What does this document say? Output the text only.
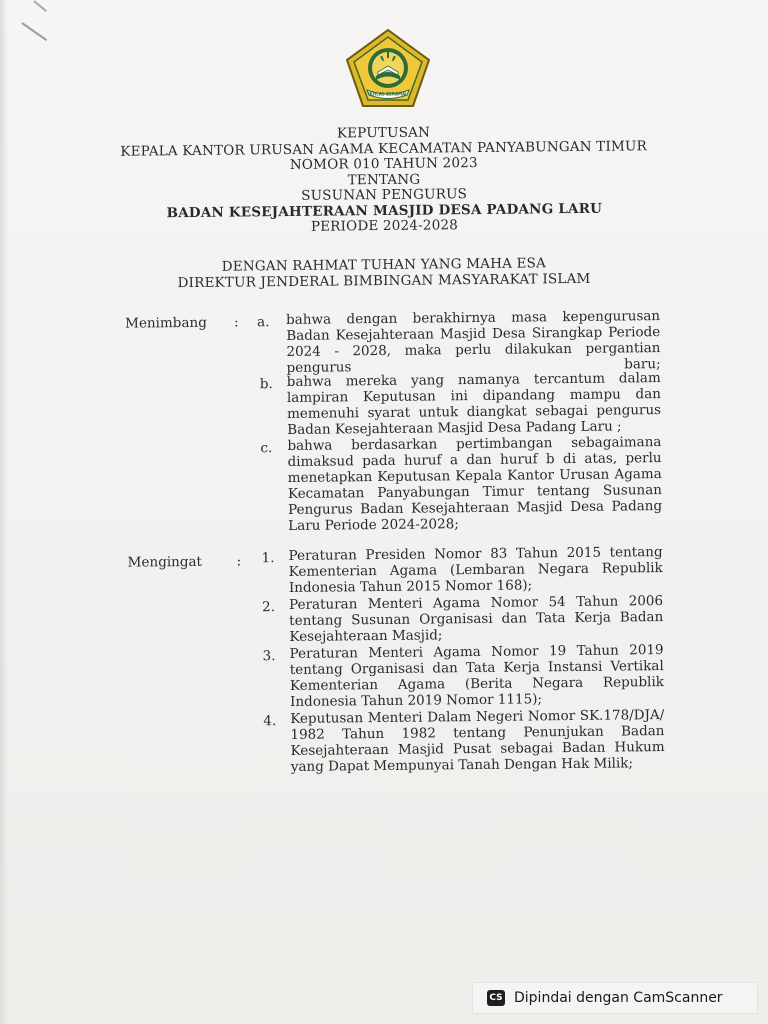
IKHLAS BERAMAL
KEPUTUSAN
KEPALA KANTOR URUSAN AGAMA KECAMATAN PANYABUNGAN TIMUR
NOMOR 010 TAHUN 2023
TENTANG
SUSUNAN PENGURUS
BADAN KESEJAHTERAAN MASJID DESA PADANG LARU
PERIODE 2024-2028
DENGAN RAHMAT TUHAN YANG MAHA ESA
DIREKTUR JENDERAL BIMBINGAN MASYARAKAT ISLAM
Menimbang : a. bahwa dengan berakhirnya masa kepengurusan Badan Kesejahteraan Masjid Desa Sirangkap Periode 2024 - 2028, maka perlu dilakukan pergantian pengurus baru;
b. bahwa mereka yang namanya tercantum dalam lampiran Keputusan ini dipandang mampu dan memenuhi syarat untuk diangkat sebagai pengurus Badan Kesejahteraan Masjid Desa Padang Laru ;
c. bahwa berdasarkan pertimbangan sebagaimana dimaksud pada huruf a dan huruf b di atas, perlu menetapkan Keputusan Kepala Kantor Urusan Agama Kecamatan Panyabungan Timur tentang Susunan Pengurus Badan Kesejahteraan Masjid Desa Padang Laru Periode 2024-2028;
Mengingat	: 1. Peraturan Presiden Nomor 83 Tahun 2015 tentang Kementerian Agama (Lembaran Negara Republik Indonesia Tahun 2015 Nomor 168);
2. Peraturan Menteri Agama Nomor 54 Tahun 2006 tentang Susunan Organisasi dan Tata Kerja Badan Kesejahteraan Masjid;
3. Peraturan Menteri Agama Nomor 19 Tahun 2019 tentang Organisasi dan Tata Kerja Instansi Vertikal Kementerian Agama (Berita Negara Republik Indonesia Tahun 2019 Nomor 1115);
4. Keputusan Menteri Dalam Negeri Nomor SK.178/DJA/ 1982 Tahun 1982 tentang Penunjukan Badan Kesejahteraan Masjid Pusat sebagai Badan Hukum yang Dapat Mempunyai Tanah Dengan Hak Milik;
CS Dipindai dengan CamScanner
